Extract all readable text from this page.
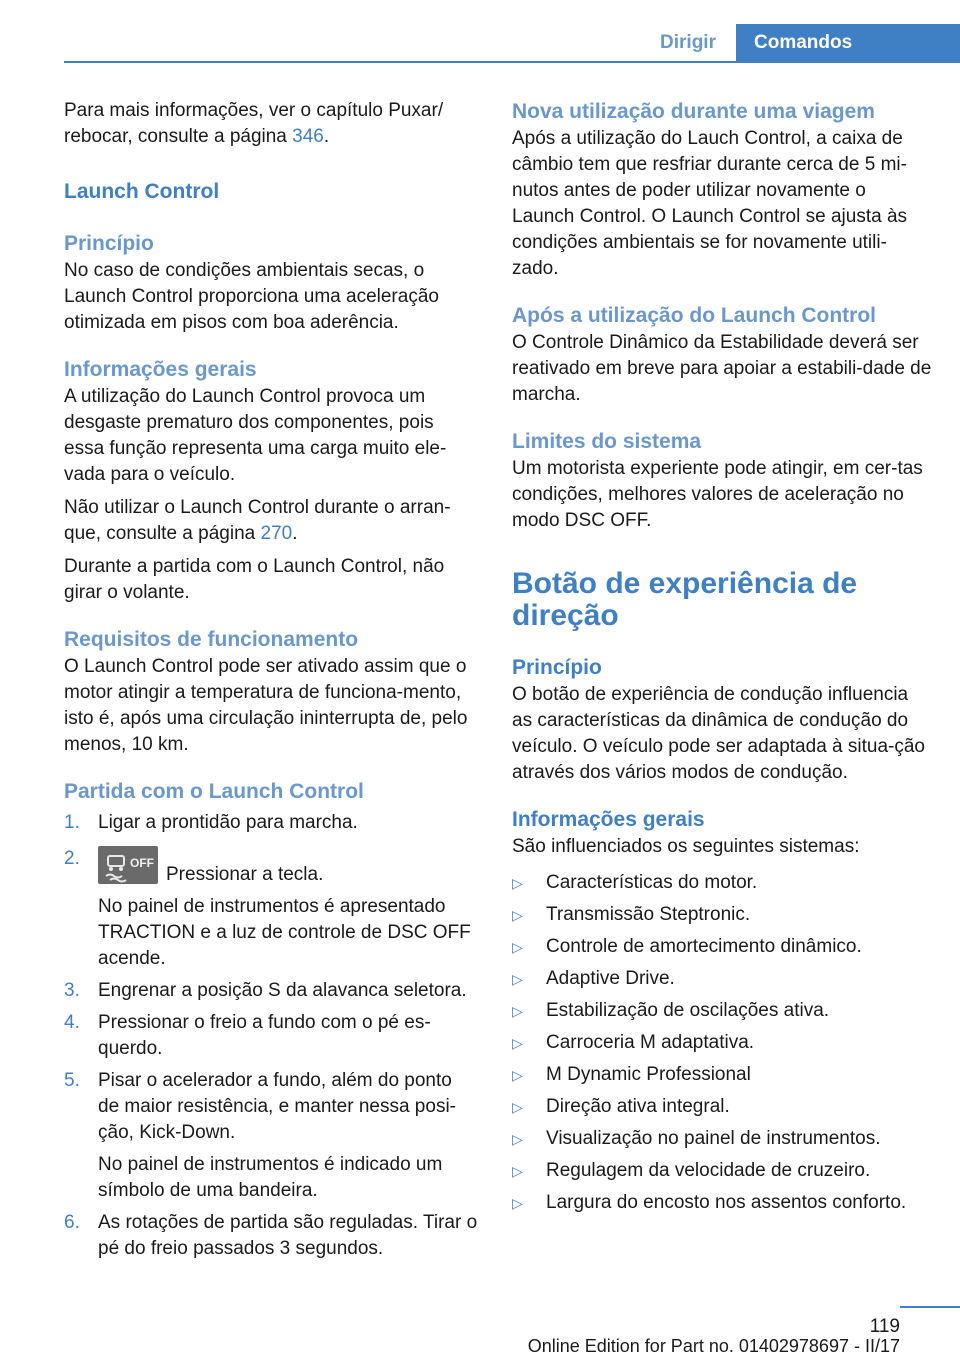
Dirigir	Comandos

Para mais informações, ver o capítulo Puxar/ rebocar, consulte a página 346.

Launch Control
Princípio

No caso de condições ambientais secas, o Launch Control proporciona uma aceleração otimizada em pisos com boa aderência.

Informações gerais

A utilização do Launch Control provoca um desgaste prematuro dos componentes, pois essa função representa uma carga muito ele-vada para o veículo.

Não utilizar o Launch Control durante o arran-que, consulte a página 270.

Durante a partida com o Launch Control, não girar o volante.

Requisitos de funcionamento

O Launch Control pode ser ativado assim que o motor atingir a temperatura de funciona-mento, isto é, após uma circulação ininterrupta de, pelo menos, 10 km.

Partida com o Launch Control
1. Ligar a prontidão para marcha.

2.	OFF
Pressionar a tecla.

No painel de instrumentos é apresentado TRACTION e a luz de controle de DSC OFF acende.

3. Engrenar a posição S da alavanca seletora.

4. Pressionar o freio a fundo com o pé es-querdo.

5. Pisar o acelerador a fundo, além do ponto de maior resistência, e manter nessa posi-ção, Kick-Down.

No painel de instrumentos é indicado um símbolo de uma bandeira.

6. As rotações de partida são reguladas. Tirar o pé do freio passados 3 segundos.

Nova utilização durante uma viagem

Após a utilização do Lauch Control, a caixa de câmbio tem que resfriar durante cerca de 5 mi-nutos antes de poder utilizar novamente o Launch Control. O Launch Control se ajusta às condições ambientais se for novamente utili-zado.

Após a utilização do Launch Control

O Controle Dinâmico da Estabilidade deverá ser reativado em breve para apoiar a estabili-dade de marcha.

Limites do sistema

Um motorista experiente pode atingir, em cer-tas condições, melhores valores de aceleração no modo DSC OFF.

Botão de experiência de direção
Princípio

O botão de experiência de condução influencia as características da dinâmica de condução do veículo. O veículo pode ser adaptada à situa-ção através dos vários modos de condução.

Informações gerais

São influenciados os seguintes sistemas:

▷	Características do motor.

▷	Transmissão Steptronic.

▷	Controle de amortecimento dinâmico.

▷	Adaptive Drive.

▷	Estabilização de oscilações ativa.

▷	Carroceria M adaptativa.

▷	M Dynamic Professional

▷	Direção ativa integral.

▷	Visualização no painel de instrumentos.

▷	Regulagem da velocidade de cruzeiro.

▷	Largura do encosto nos assentos conforto.

119
Online Edition for Part no. 01402978697 - II/17
